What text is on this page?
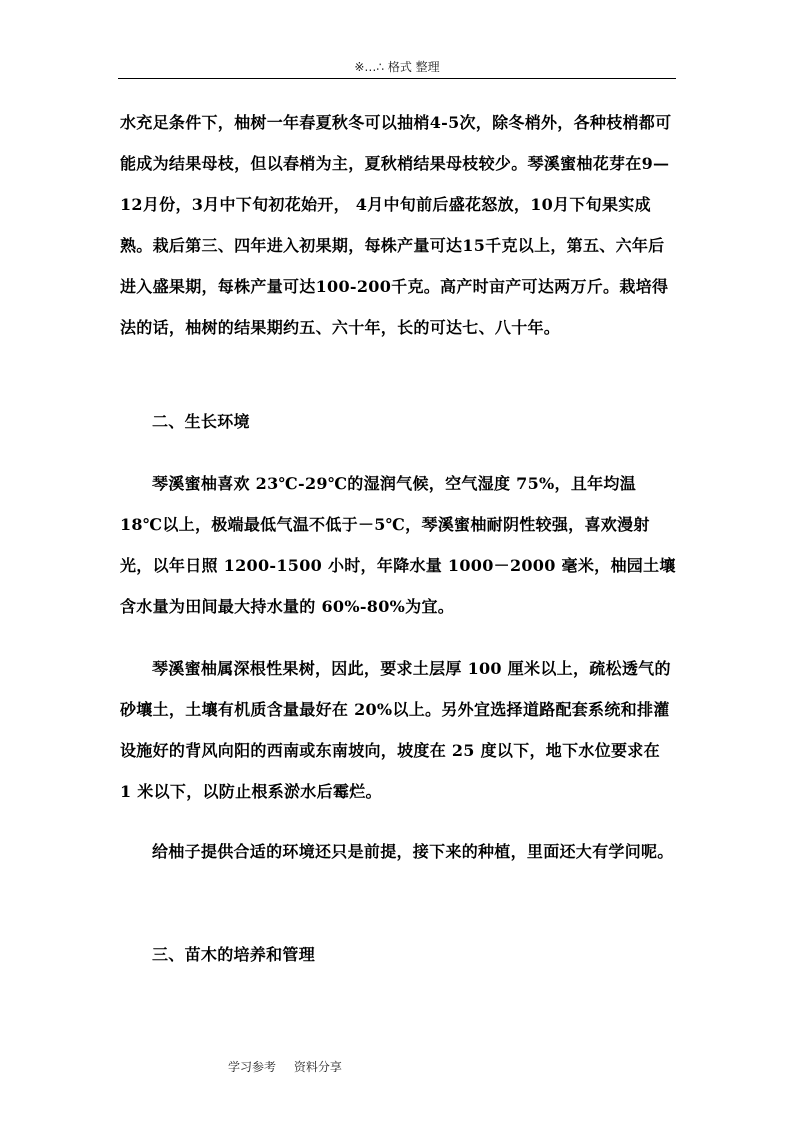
※…∴ 格式 整理
水充足条件下，柚树一年春夏秋冬可以抽梢4-5次，除冬梢外，各种枝梢都可能成为结果母枝，但以春梢为主，夏秋梢结果母枝较少。琴溪蜜柚花芽在9—12月份，3月中下旬初花始开， 4月中旬前后盛花怒放，10月下旬果实成熟。栽后第三、四年进入初果期，每株产量可达15千克以上，第五、六年后进入盛果期，每株产量可达100-200千克。高产时亩产可达两万斤。栽培得法的话，柚树的结果期约五、六十年，长的可达七、八十年。
二、生长环境
琴溪蜜柚喜欢 23℃-29℃的湿润气候，空气湿度 75%，且年均温 18℃以上，极端最低气温不低于－5℃，琴溪蜜柚耐阴性较强，喜欢漫射光，以年日照 1200-1500 小时，年降水量 1000－2000 毫米，柚园土壤含水量为田间最大持水量的 60%-80%为宜。
琴溪蜜柚属深根性果树，因此，要求土层厚 100 厘米以上，疏松透气的砂壤土，土壤有机质含量最好在 20%以上。另外宜选择道路配套系统和排灌设施好的背风向阳的西南或东南坡向，坡度在 25 度以下，地下水位要求在 1 米以下，以防止根系淤水后霉烂。
给柚子提供合适的环境还只是前提，接下来的种植，里面还大有学问呢。
三、苗木的培养和管理
学习参考 资料分享
